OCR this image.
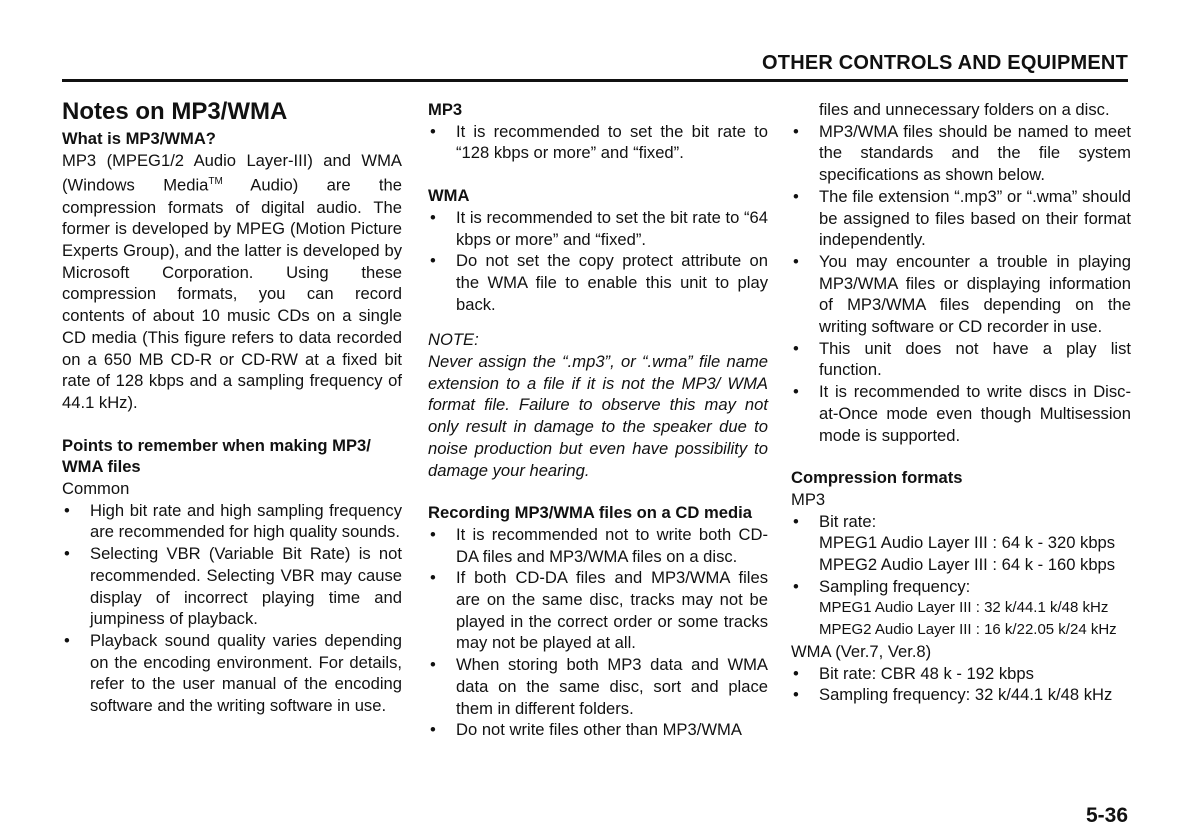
OTHER CONTROLS AND EQUIPMENT
Notes on MP3/WMA
What is MP3/WMA?

MP3 (MPEG1/2 Audio Layer-III) and WMA (Windows Media™ Audio) are the compression formats of digital audio. The former is developed by MPEG (Motion Picture Experts Group), and the latter is developed by Microsoft Corporation. Using these compression formats, you can record contents of about 10 music CDs on a single CD media (This figure refers to data recorded on a 650 MB CD-R or CD-RW at a fixed bit rate of 128 kbps and a sampling frequency of 44.1 kHz).

Points to remember when making MP3/ WMA files

Common

• High bit rate and high sampling frequency are recommended for high quality sounds.
• Selecting VBR (Variable Bit Rate) is not recommended. Selecting VBR may cause display of incorrect playing time and jumpiness of playback.
• Playback sound quality varies depending on the encoding environment. For details, refer to the user manual of the encoding software and the writing software in use.
MP3
• It is recommended to set the bit rate to “128 kbps or more” and “fixed”.
WMA
• It is recommended to set the bit rate to “64 kbps or more” and “fixed”.
• Do not set the copy protect attribute on the WMA file to enable this unit to play back.

NOTE:

Never assign the “.mp3”, or “.wma” file name extension to a file if it is not the MP3/ WMA format file. Failure to observe this may not only result in damage to the speaker due to noise production but even have possibility to damage your hearing.

Recording MP3/WMA files on a CD media
• It is recommended not to write both CD-DA files and MP3/WMA files on a disc.
• If both CD-DA files and MP3/WMA files are on the same disc, tracks may not be played in the correct order or some tracks may not be played at all.
• When storing both MP3 data and WMA data on the same disc, sort and place them in different folders.
• Do not write files other than MP3/WMA

files and unnecessary folders on a disc.

• MP3/WMA files should be named to meet the standards and the file system specifications as shown below.
• The file extension “.mp3” or “.wma” should be assigned to files based on their format independently.
• You may encounter a trouble in playing MP3/WMA files or displaying information of MP3/WMA files depending on the writing software or CD recorder in use.
• This unit does not have a play list function.
• It is recommended to write discs in Disc-at-Once mode even though Multisession mode is supported.
Compression formats

MP3

• Bit rate:

MPEG1 Audio Layer III : 64 k - 320 kbps

MPEG2 Audio Layer III : 64 k - 160 kbps

• Sampling frequency:

MPEG1 Audio Layer III : 32 k/44.1 k/48 kHz

MPEG2 Audio Layer III : 16 k/22.05 k/24 kHz

WMA (Ver.7, Ver.8)

• Bit rate: CBR 48 k - 192 kbps
• Sampling frequency: 32 k/44.1 k/48 kHz
5-36
